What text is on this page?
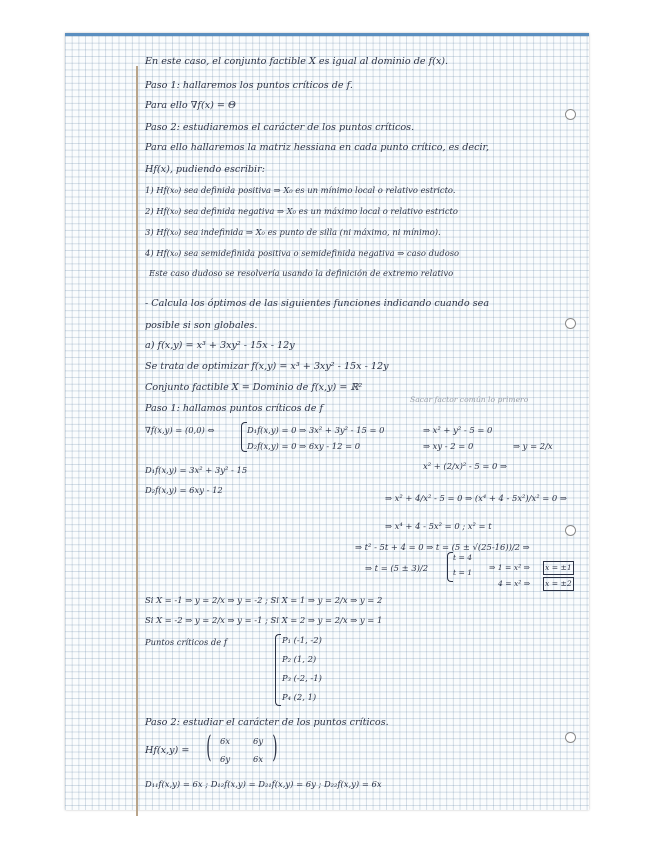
En este caso, el conjunto factible X es igual al dominio de f(x).
Paso 1: hallaremos los puntos críticos de f.
Para ello ∇f(x) = Θ
Paso 2: estudiaremos el carácter de los puntos críticos.
Para ello hallaremos la matriz hessiana en cada punto crítico, es decir,
Hf(x), pudiendo escribir:
1) Hf(x₀) sea definida positiva ⇒ X₀ es un mínimo local o relativo estricto.
2) Hf(x₀) sea definida negativa ⇒ X₀ es un máximo local o relativo estricto
3) Hf(x₀) sea indefinida ⇒ X₀ es punto de silla (ni máximo, ni mínimo).
4) Hf(x₀) sea semidefinida positiva o semidefinida negativa ⇒ caso dudoso
Este caso dudoso se resolvería usando la definición de extremo relativo
- Calcula los óptimos de las siguientes funciones indicando cuando sea
posible si son globales.
a) f(x,y) = x³ + 3xy² - 15x - 12y
Se trata de optimizar f(x,y) = x³ + 3xy² - 15x - 12y
Conjunto factible X = Dominio de f(x,y) = ℝ²
Paso 1: hallamos puntos críticos de f
Sacar factor común lo primero
∇f(x,y) = (0,0) ⇔	D₁f(x,y) = 0 ⇒ 3x² + 3y² - 15 = 0
D₂f(x,y) = 0 ⇒ 6xy - 12 = 0
⇒ x² + y² - 5 = 0
⇒ xy - 2 = 0	⇒ y = 2/x
D₁f(x,y) = 3x² + 3y² - 15	x² + (2/x)² - 5 = 0 ⇒
D₂f(x,y) = 6xy - 12
⇒ x² + 4/x² - 5 = 0 ⇒ (x⁴ + 4 - 5x²)/x² = 0 ⇒
⇒ x⁴ + 4 - 5x² = 0 ; x² = t
⇒ t² - 5t + 4 = 0 ⇒ t = (5 ± √(25-16))/2 ⇒
⇒ t = (5 ± 3)/2
t = 4
t = 1
⇒ 1 = x² ⇒ x = ±1
4 = x² ⇒ x = ±2
Si X = -1 ⇒ y = 2/x ⇒ y = -2 ; Si X = 1 ⇒ y = 2/x ⇒ y = 2
Si X = -2 ⇒ y = 2/x ⇒ y = -1 ; Si X = 2 ⇒ y = 2/x ⇒ y = 1
Puntos críticos de f	P₁ (-1, -2)
P₂ (1, 2)
P₃ (-2, -1)
P₄ (2, 1)
Paso 2: estudiar el carácter de los puntos críticos.
Hf(x,y) = ( 6x	6y
6y	6x )
D₁₁f(x,y) = 6x ; D₁₂f(x,y) = D₂₁f(x,y) = 6y ; D₂₂f(x,y) = 6x
